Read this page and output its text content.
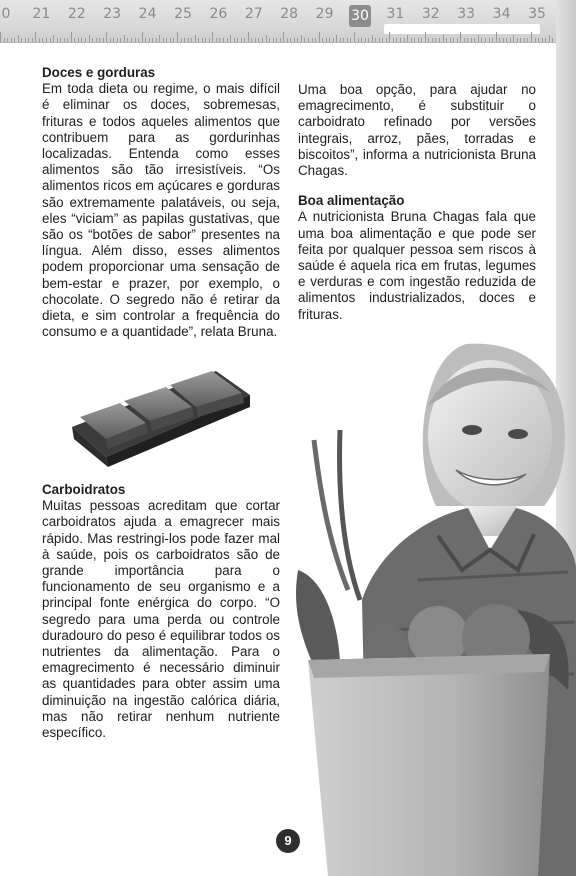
0	21 22 23 24 25 26 27 28 29 30 31 32 33 34 35

Doces e gorduras

Em toda dieta ou regime, o mais difícil é eliminar os doces, sobremesas, frituras e todos aqueles alimentos que contribuem para as gordurinhas localizadas. Entenda como esses alimentos são tão irresistíveis. “Os alimentos ricos em açúcares e gorduras são extremamente palatáveis, ou seja, eles “viciam” as papilas gustativas, que são os “botões de sabor” presentes na língua. Além disso, esses alimentos podem proporcionar uma sensação de bem-estar e prazer, por exemplo, o chocolate. O segredo não é retirar da dieta, e sim controlar a frequência do consumo e a quantidade”, relata Bruna.

Carboidratos

Muitas pessoas acreditam que cortar carboidratos ajuda a emagrecer mais rápido. Mas restringi-los pode fazer mal à saúde, pois os carboidratos são de grande importância para o funcionamento de seu organismo e a principal fonte enérgica do corpo. “O segredo para uma perda ou controle duradouro do peso é equilibrar todos os nutrientes da alimentação. Para o emagrecimento é necessário diminuir as quantidades para obter assim uma diminuição na ingestão calórica diária, mas não retirar nenhum nutriente específico.

Uma boa opção, para ajudar no emagrecimento, é substituir o carboidrato refinado por versões integrais, arroz, pães, torradas e biscoitos”, informa a nutricionista Bruna Chagas.

Boa alimentação

A nutricionista Bruna Chagas fala que uma boa alimentação e que pode ser feita por qualquer pessoa sem riscos à saúde é aquela rica em frutas, legumes e verduras e com ingestão reduzida de alimentos industrializados, doces e frituras.

9
